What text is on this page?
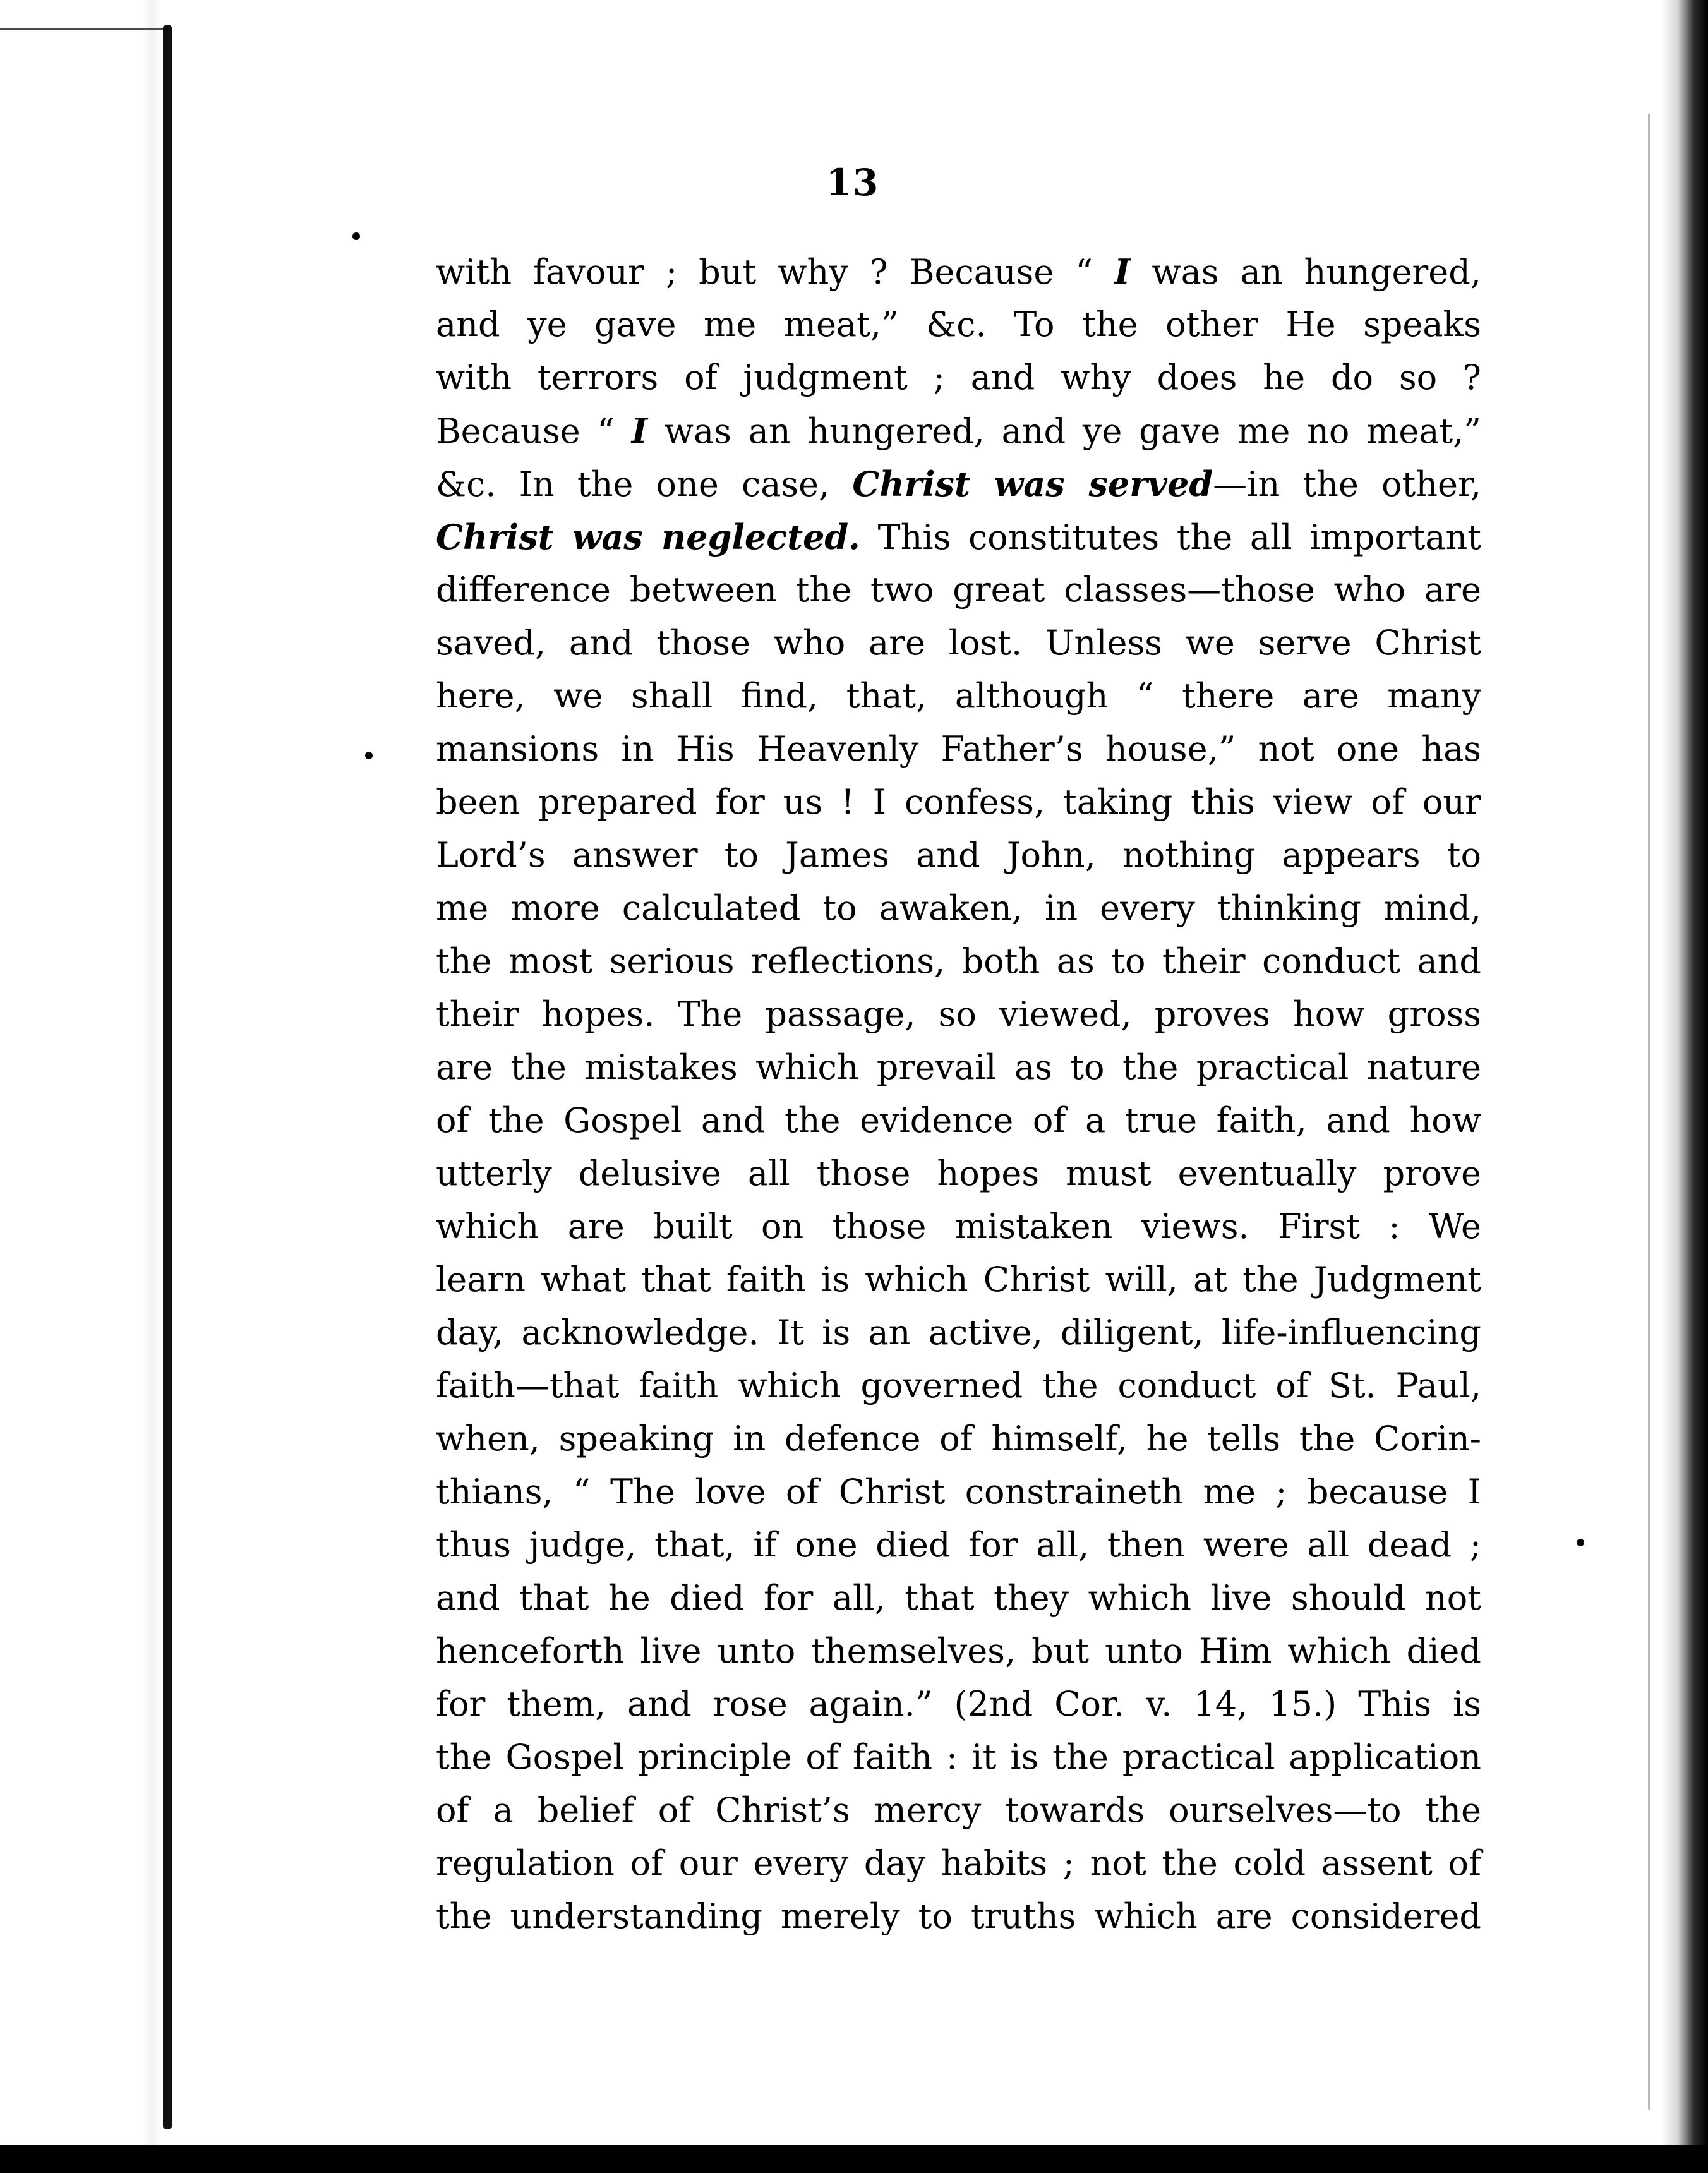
13
with favour ; but why ? Because “ I was an hungered,
and ye gave me meat,” &c. To the other He speaks
with terrors of judgment ; and why does he do so ?
Because “ I was an hungered, and ye gave me no meat,”
&c. In the one case, Christ was served—in the other,
Christ was neglected. This constitutes the all important
difference between the two great classes—those who are
saved, and those who are lost. Unless we serve Christ
here, we shall find, that, although “ there are many
mansions in His Heavenly Father’s house,” not one has
been prepared for us ! I confess, taking this view of our
Lord’s answer to James and John, nothing appears to
me more calculated to awaken, in every thinking mind,
the most serious reflections, both as to their conduct and
their hopes. The passage, so viewed, proves how gross
are the mistakes which prevail as to the practical nature
of the Gospel and the evidence of a true faith, and how
utterly delusive all those hopes must eventually prove
which are built on those mistaken views. First : We
learn what that faith is which Christ will, at the Judgment
day, acknowledge. It is an active, diligent, life-influencing
faith—that faith which governed the conduct of St. Paul,
when, speaking in defence of himself, he tells the Corin-
thians, “ The love of Christ constraineth me ; because I
thus judge, that, if one died for all, then were all dead ;
and that he died for all, that they which live should not
henceforth live unto themselves, but unto Him which died
for them, and rose again.” (2nd Cor. v. 14, 15.) This is
the Gospel principle of faith : it is the practical application
of a belief of Christ’s mercy towards ourselves—to the
regulation of our every day habits ; not the cold assent of
the understanding merely to truths which are considered
